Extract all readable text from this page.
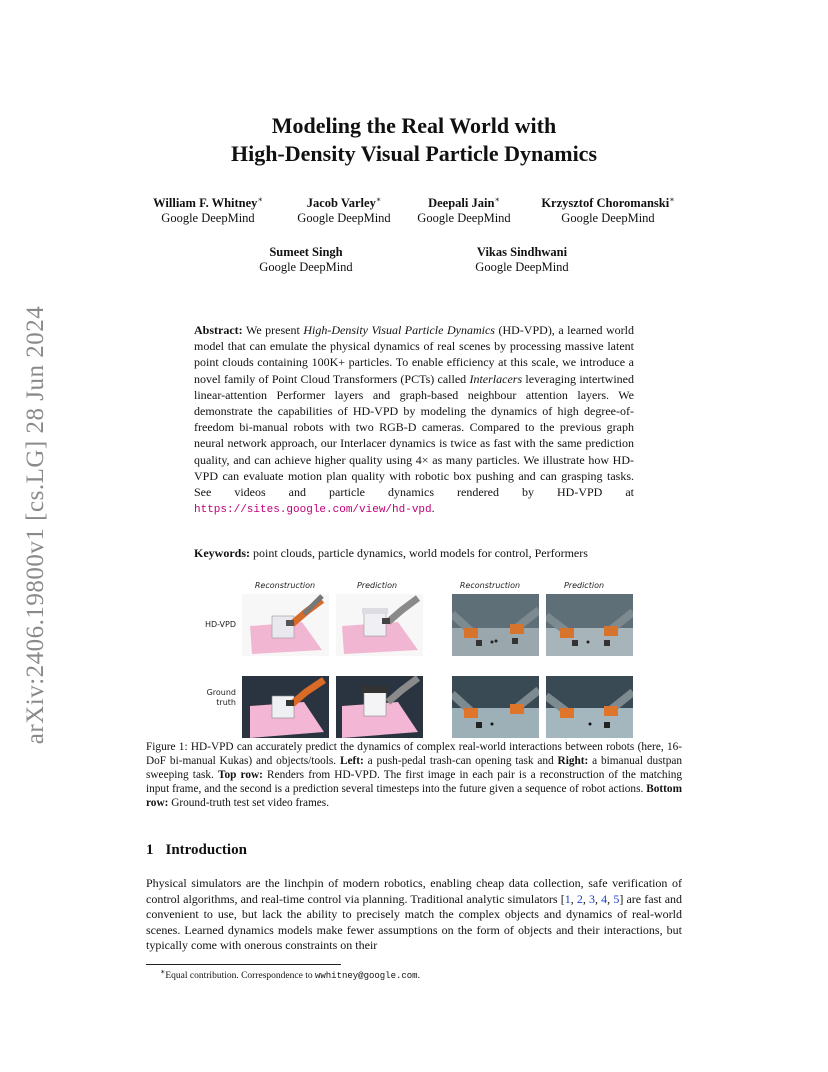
arXiv:2406.19800v1 [cs.LG] 28 Jun 2024
Modeling the Real World with
High-Density Visual Particle Dynamics
William F. Whitney∗
Google DeepMind
Jacob Varley∗
Google DeepMind
Deepali Jain∗
Google DeepMind
Krzysztof Choromanski∗
Google DeepMind
Sumeet Singh
Google DeepMind
Vikas Sindhwani
Google DeepMind
Abstract: We present High-Density Visual Particle Dynamics (HD-VPD), a learned world model that can emulate the physical dynamics of real scenes by processing massive latent point clouds containing 100K+ particles. To enable efficiency at this scale, we introduce a novel family of Point Cloud Transformers (PCTs) called Interlacers leveraging intertwined linear-attention Performer layers and graph-based neighbour attention layers. We demonstrate the capabilities of HD-VPD by modeling the dynamics of high degree-of-freedom bi-manual robots with two RGB-D cameras. Compared to the previous graph neural network approach, our Interlacer dynamics is twice as fast with the same prediction quality, and can achieve higher quality using 4× as many particles. We illustrate how HD-VPD can evaluate motion plan quality with robotic box pushing and can grasping tasks. See videos and particle dynamics rendered by HD-VPD at https://sites.google.com/view/hd-vpd.
Keywords: point clouds, particle dynamics, world models for control, Performers
Reconstruction	Prediction	Reconstruction	Prediction
HD-VPD
Ground truth
Figure 1: HD-VPD can accurately predict the dynamics of complex real-world interactions between robots (here, 16-DoF bi-manual Kukas) and objects/tools. Left: a push-pedal trash-can opening task and Right: a bimanual dustpan sweeping task. Top row: Renders from HD-VPD. The first image in each pair is a reconstruction of the matching input frame, and the second is a prediction several timesteps into the future given a sequence of robot actions. Bottom row: Ground-truth test set video frames.
1 Introduction
Physical simulators are the linchpin of modern robotics, enabling cheap data collection, safe verification of control algorithms, and real-time control via planning. Traditional analytic simulators [1, 2, 3, 4, 5] are fast and convenient to use, but lack the ability to precisely match the complex objects and dynamics of real-world scenes. Learned dynamics models make fewer assumptions on the form of objects and their interactions, but typically come with onerous constraints on their
∗Equal contribution. Correspondence to wwhitney@google.com.
